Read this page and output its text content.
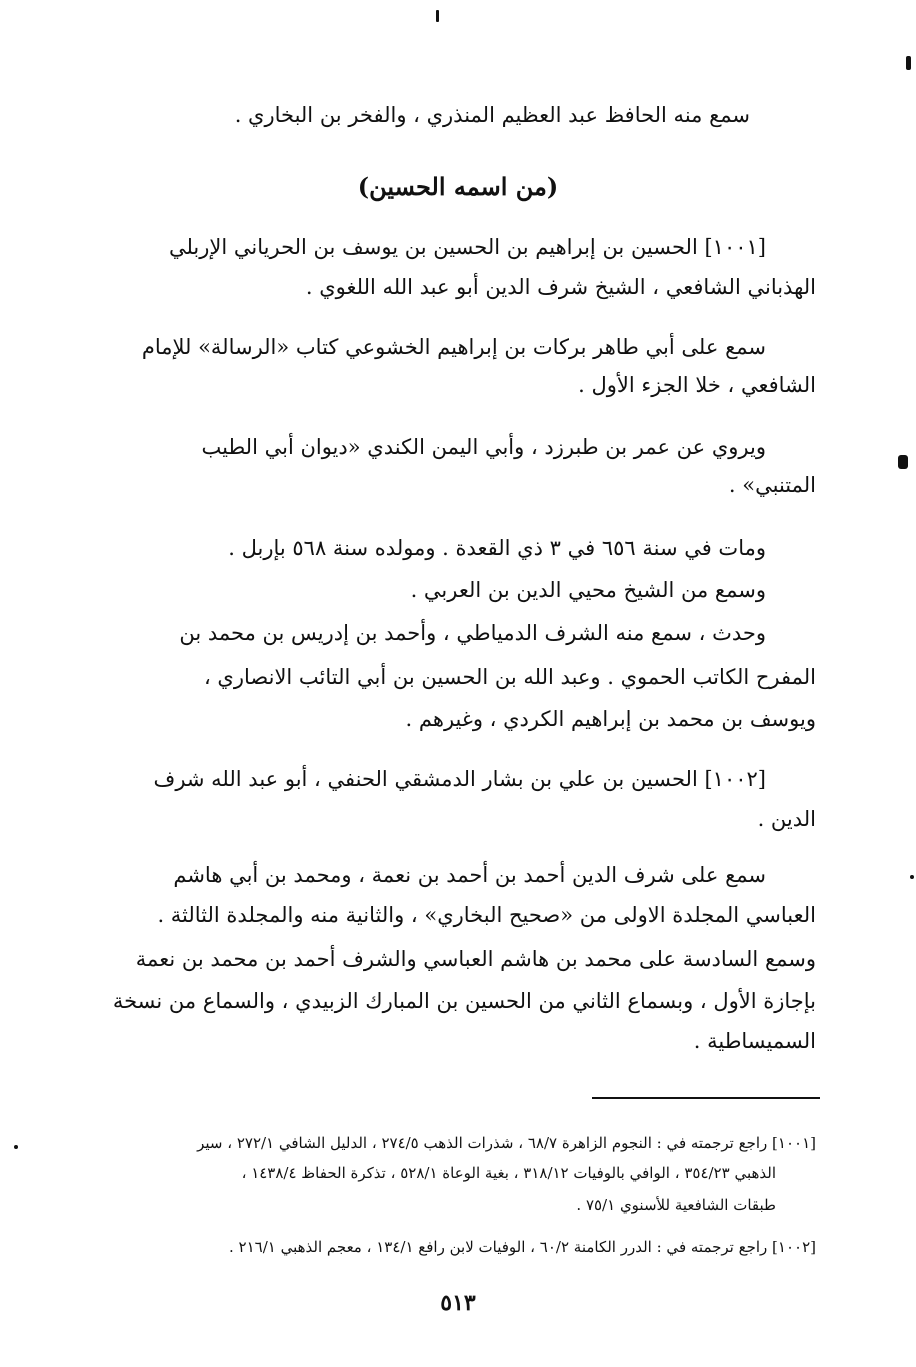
سمع منه الحافظ عبد العظيم المنذري ، والفخر بن البخاري .
(من اسمه الحسين)
[١٠٠١] الحسين بن إبراهيم بن الحسين بن يوسف بن الحرياني الإربلي
الهذباني الشافعي ، الشيخ شرف الدين أبو عبد الله اللغوي .
سمع على أبي طاهر بركات بن إبراهيم الخشوعي كتاب «الرسالة» للإمام
الشافعي ، خلا الجزء الأول .
ويروي عن عمر بن طبرزد ، وأبي اليمن الكندي «ديوان أبي الطيب
المتنبي» .
ومات في سنة ٦٥٦ في ٣ ذي القعدة . ومولده سنة ٥٦٨ بإربل .
وسمع من الشيخ محيي الدين بن العربي .
وحدث ، سمع منه الشرف الدمياطي ، وأحمد بن إدريس بن محمد بن
المفرح الكاتب الحموي . وعبد الله بن الحسين بن أبي التائب الانصاري ،
ويوسف بن محمد بن إبراهيم الكردي ، وغيرهم .
[١٠٠٢] الحسين بن علي بن بشار الدمشقي الحنفي ، أبو عبد الله شرف
الدين .
سمع على شرف الدين أحمد بن أحمد بن نعمة ، ومحمد بن أبي هاشم
العباسي المجلدة الاولى من «صحيح البخاري» ، والثانية منه والمجلدة الثالثة .
وسمع السادسة على محمد بن هاشم العباسي والشرف أحمد بن محمد بن نعمة
بإجازة الأول ، وبسماع الثاني من الحسين بن المبارك الزبيدي ، والسماع من نسخة
السميساطية .
[١٠٠١] راجع ترجمته في : النجوم الزاهرة ٦٨/٧ ، شذرات الذهب ٢٧٤/٥ ، الدليل الشافي ٢٧٢/١ ، سير
الذهبي ٣٥٤/٢٣ ، الوافي بالوفيات ٣١٨/١٢ ، بغية الوعاة ٥٢٨/١ ، تذكرة الحفاظ ١٤٣٨/٤ ،
طبقات الشافعية للأسنوي ٧٥/١ .
[١٠٠٢] راجع ترجمته في : الدرر الكامنة ٦٠/٢ ، الوفيات لابن رافع ١٣٤/١ ، معجم الذهبي ٢١٦/١ .
٥١٣
